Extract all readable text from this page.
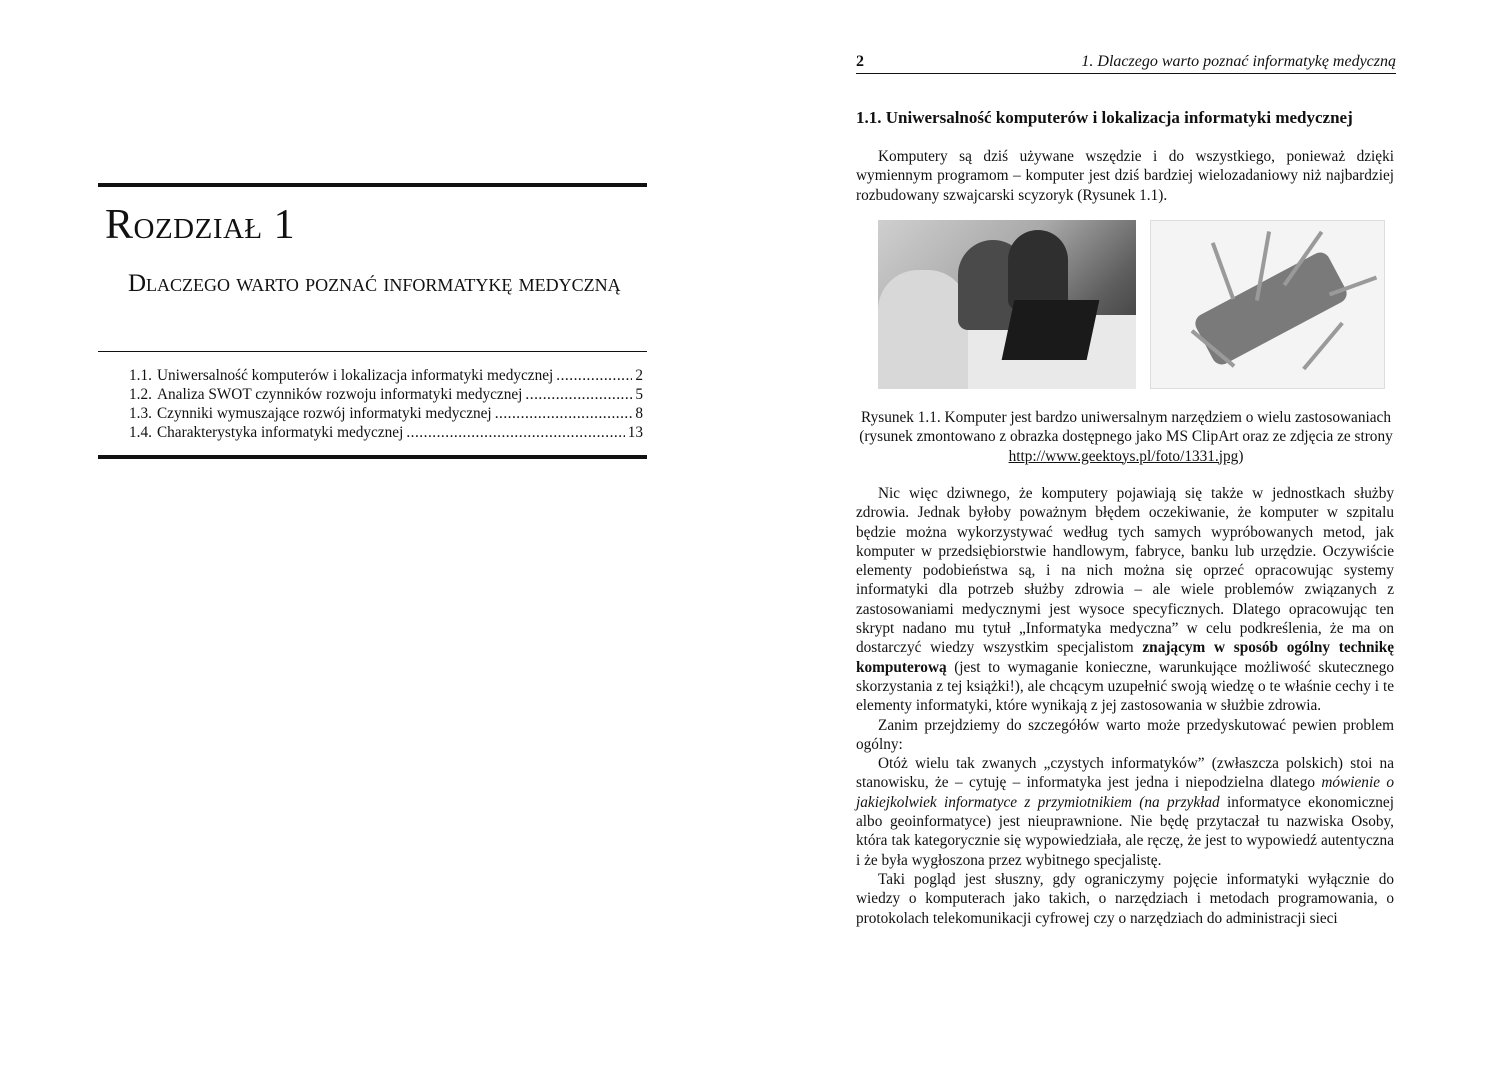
Rozdział 1
Dlaczego warto poznać informatykę medyczną
1.1. Uniwersalność komputerów i lokalizacja informatyki medycznej .....	2
1.2. Analiza SWOT czynników rozwoju informatyki medycznej .....	5
1.3. Czynniki wymuszające rozwój informatyki medycznej .....	8
1.4. Charakterystyka informatyki medycznej .....	13
2	1. Dlaczego warto poznać informatykę medyczną
1.1. Uniwersalność komputerów i lokalizacja informatyki medycznej

Komputery są dziś używane wszędzie i do wszystkiego, ponieważ dzięki wymiennym programom – komputer jest dziś bardziej wielozadaniowy niż najbardziej rozbudowany szwajcarski scyzoryk (Rysunek 1.1).

Rysunek 1.1. Komputer jest bardzo uniwersalnym narzędziem o wielu zastosowaniach (rysunek zmontowano z obrazka dostępnego jako MS ClipArt oraz ze zdjęcia ze strony http://www.geektoys.pl/foto/1331.jpg)

Nic więc dziwnego, że komputery pojawiają się także w jednostkach służby zdrowia. Jednak byłoby poważnym błędem oczekiwanie, że komputer w szpitalu będzie można wykorzystywać według tych samych wypróbowanych metod, jak komputer w przedsiębiorstwie handlowym, fabryce, banku lub urzędzie. Oczywiście elementy podobieństwa są, i na nich można się oprzeć opracowując systemy informatyki dla potrzeb służby zdrowia – ale wiele problemów związanych z zastosowaniami medycznymi jest wysoce specyficznych. Dlatego opracowując ten skrypt nadano mu tytuł „Informatyka medyczna” w celu podkreślenia, że ma on dostarczyć wiedzy wszystkim specjalistom znającym w sposób ogólny technikę komputerową (jest to wymaganie konieczne, warunkujące możliwość skutecznego skorzystania z tej książki!), ale chcącym uzupełnić swoją wiedzę o te właśnie cechy i te elementy informatyki, które wynikają z jej zastosowania w służbie zdrowia.

Zanim przejdziemy do szczegółów warto może przedyskutować pewien problem ogólny:

Otóż wielu tak zwanych „czystych informatyków” (zwłaszcza polskich) stoi na stanowisku, że – cytuję – informatyka jest jedna i niepodzielna dlatego mówienie o jakiejkolwiek informatyce z przymiotnikiem (na przykład informatyce ekonomicznej albo geoinformatyce) jest nieuprawnione. Nie będę przytaczał tu nazwiska Osoby, która tak kategorycznie się wypowiedziała, ale ręczę, że jest to wypowiedź autentyczna i że była wygłoszona przez wybitnego specjalistę.

Taki pogląd jest słuszny, gdy ograniczymy pojęcie informatyki wyłącznie do wiedzy o komputerach jako takich, o narzędziach i metodach programowania, o protokolach telekomunikacji cyfrowej czy o narzędziach do administracji sieci
